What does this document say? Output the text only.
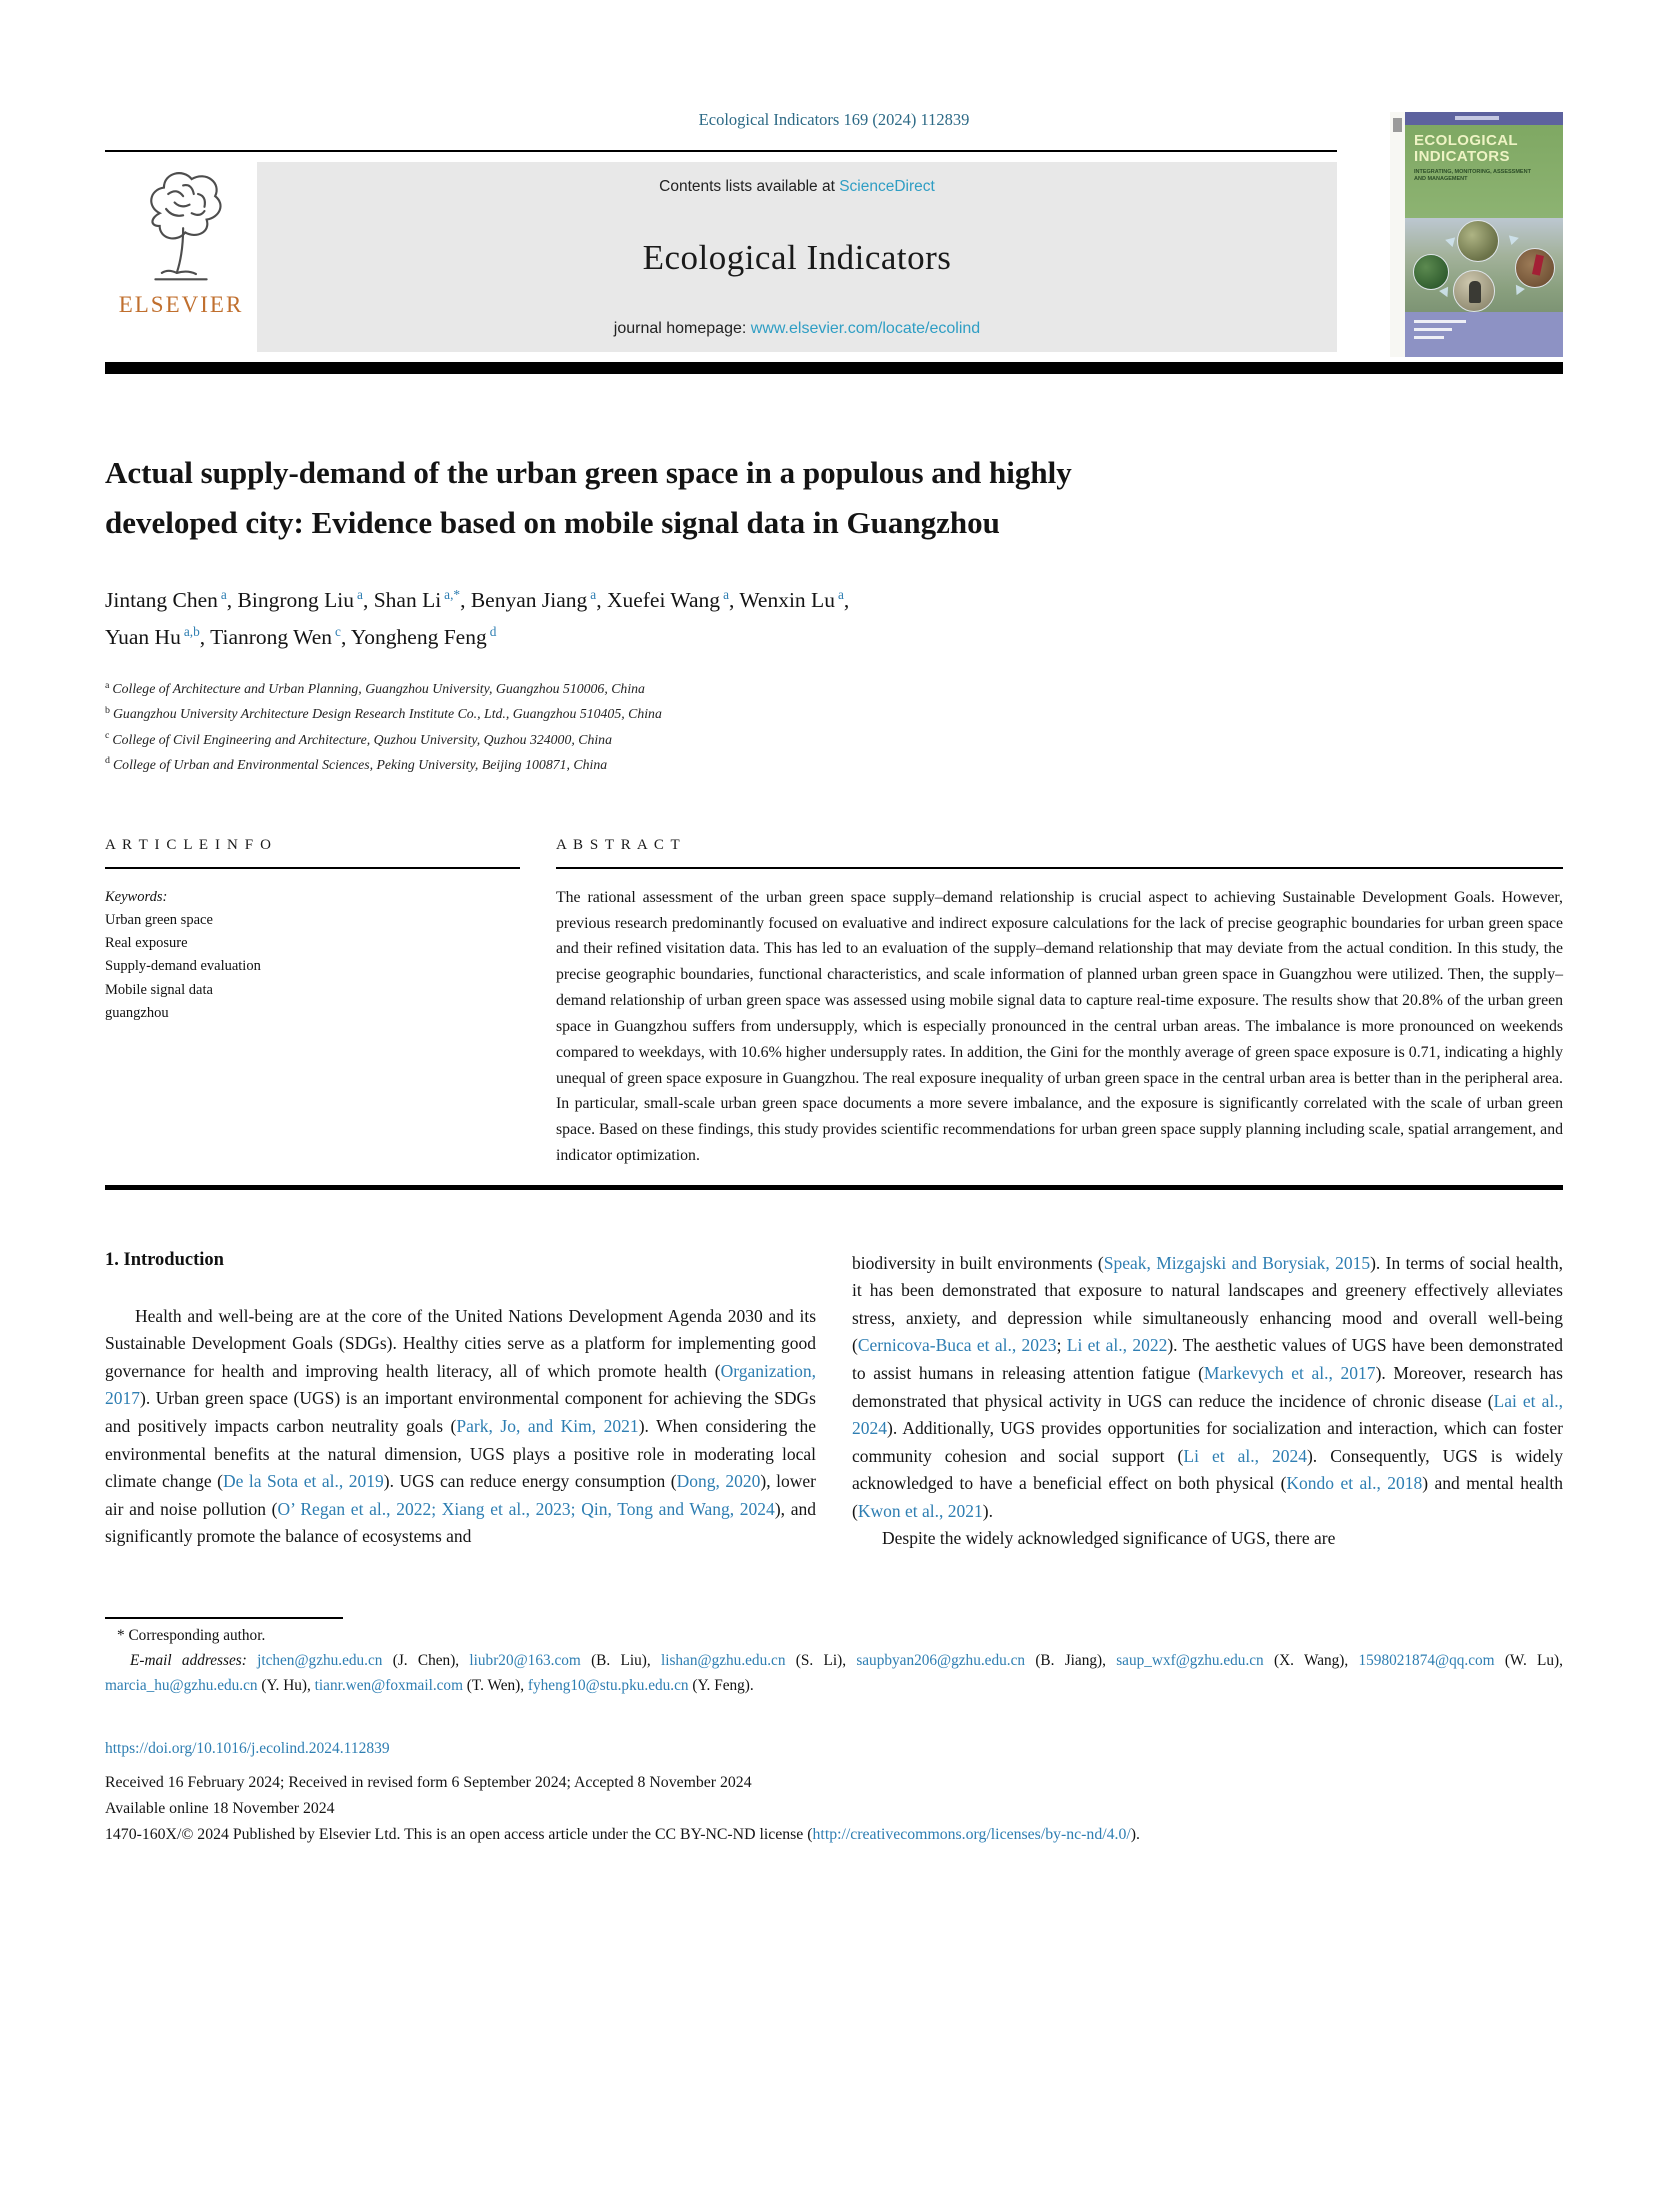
Ecological Indicators 169 (2024) 112839
ELSEVIER
Contents lists available at ScienceDirect
Ecological Indicators
journal homepage: www.elsevier.com/locate/ecolind
Actual supply-demand of the urban green space in a populous and highly
developed city: Evidence based on mobile signal data in Guangzhou
Jintang Chen $^a$, Bingrong Liu $^a$, Shan Li $^{a,*}$, Benyan Jiang $^a$, Xuefei Wang $^a$, Wenxin Lu $^a$,
Yuan Hu $^{a,b}$, Tianrong Wen $^c$, Yongheng Feng $^d$
$^a$ College of Architecture and Urban Planning, Guangzhou University, Guangzhou 510006, China
$^b$ Guangzhou University Architecture Design Research Institute Co., Ltd., Guangzhou 510405, China
$^c$ College of Civil Engineering and Architecture, Quzhou University, Quzhou 324000, China
$^d$ College of Urban and Environmental Sciences, Peking University, Beijing 100871, China
A R T I C L E I N F O
Keywords:
Urban green space
Real exposure
Supply-demand evaluation
Mobile signal data
guangzhou
A B S T R A C T

The rational assessment of the urban green space supply–demand relationship is crucial aspect to achieving Sustainable Development Goals. However, previous research predominantly focused on evaluative and indirect exposure calculations for the lack of precise geographic boundaries for urban green space and their refined visitation data. This has led to an evaluation of the supply–demand relationship that may deviate from the actual condition. In this study, the precise geographic boundaries, functional characteristics, and scale information of planned urban green space in Guangzhou were utilized. Then, the supply–demand relationship of urban green space was assessed using mobile signal data to capture real-time exposure. The results show that 20.8% of the urban green space in Guangzhou suffers from undersupply, which is especially pronounced in the central urban areas. The imbalance is more pronounced on weekends compared to weekdays, with 10.6% higher undersupply rates. In addition, the Gini for the monthly average of green space exposure is 0.71, indicating a highly unequal of green space exposure in Guangzhou. The real exposure inequality of urban green space in the central urban area is better than in the peripheral area. In particular, small-scale urban green space documents a more severe imbalance, and the exposure is significantly correlated with the scale of urban green space. Based on these findings, this study provides scientific recommendations for urban green space supply planning including scale, spatial arrangement, and indicator optimization.

1. Introduction

Health and well-being are at the core of the United Nations Development Agenda 2030 and its Sustainable Development Goals (SDGs). Healthy cities serve as a platform for implementing good governance for health and improving health literacy, all of which promote health (Organization, 2017). Urban green space (UGS) is an important environmental component for achieving the SDGs and positively impacts carbon neutrality goals (Park, Jo, and Kim, 2021). When considering the environmental benefits at the natural dimension, UGS plays a positive role in moderating local climate change (De la Sota et al., 2019). UGS can reduce energy consumption (Dong, 2020), lower air and noise pollution (O’ Regan et al., 2022; Xiang et al., 2023; Qin, Tong and Wang, 2024), and significantly promote the balance of ecosystems and

biodiversity in built environments (Speak, Mizgajski and Borysiak, 2015). In terms of social health, it has been demonstrated that exposure to natural landscapes and greenery effectively alleviates stress, anxiety, and depression while simultaneously enhancing mood and overall well-being (Cernicova-Buca et al., 2023; Li et al., 2022). The aesthetic values of UGS have been demonstrated to assist humans in releasing attention fatigue (Markevych et al., 2017). Moreover, research has demonstrated that physical activity in UGS can reduce the incidence of chronic disease (Lai et al., 2024). Additionally, UGS provides opportunities for socialization and interaction, which can foster community cohesion and social support (Li et al., 2024). Consequently, UGS is widely acknowledged to have a beneficial effect on both physical (Kondo et al., 2018) and mental health (Kwon et al., 2021).

Despite the widely acknowledged significance of UGS, there are

* Corresponding author.

E-mail addresses: jtchen@gzhu.edu.cn (J. Chen), liubr20@163.com (B. Liu), lishan@gzhu.edu.cn (S. Li), saupbyan206@gzhu.edu.cn (B. Jiang), saup_wxf@gzhu.edu.cn (X. Wang), 1598021874@qq.com (W. Lu), marcia_hu@gzhu.edu.cn (Y. Hu), tianr.wen@foxmail.com (T. Wen), fyheng10@stu.pku.edu.cn (Y. Feng).

https://doi.org/10.1016/j.ecolind.2024.112839
Received 16 February 2024; Received in revised form 6 September 2024; Accepted 8 November 2024
Available online 18 November 2024
1470-160X/© 2024 Published by Elsevier Ltd. This is an open access article under the CC BY-NC-ND license (http://creativecommons.org/licenses/by-nc-nd/4.0/).
ECOLOGICAL
INDICATORS
INTEGRATING, MONITORING, ASSESSMENT AND MANAGEMENT
